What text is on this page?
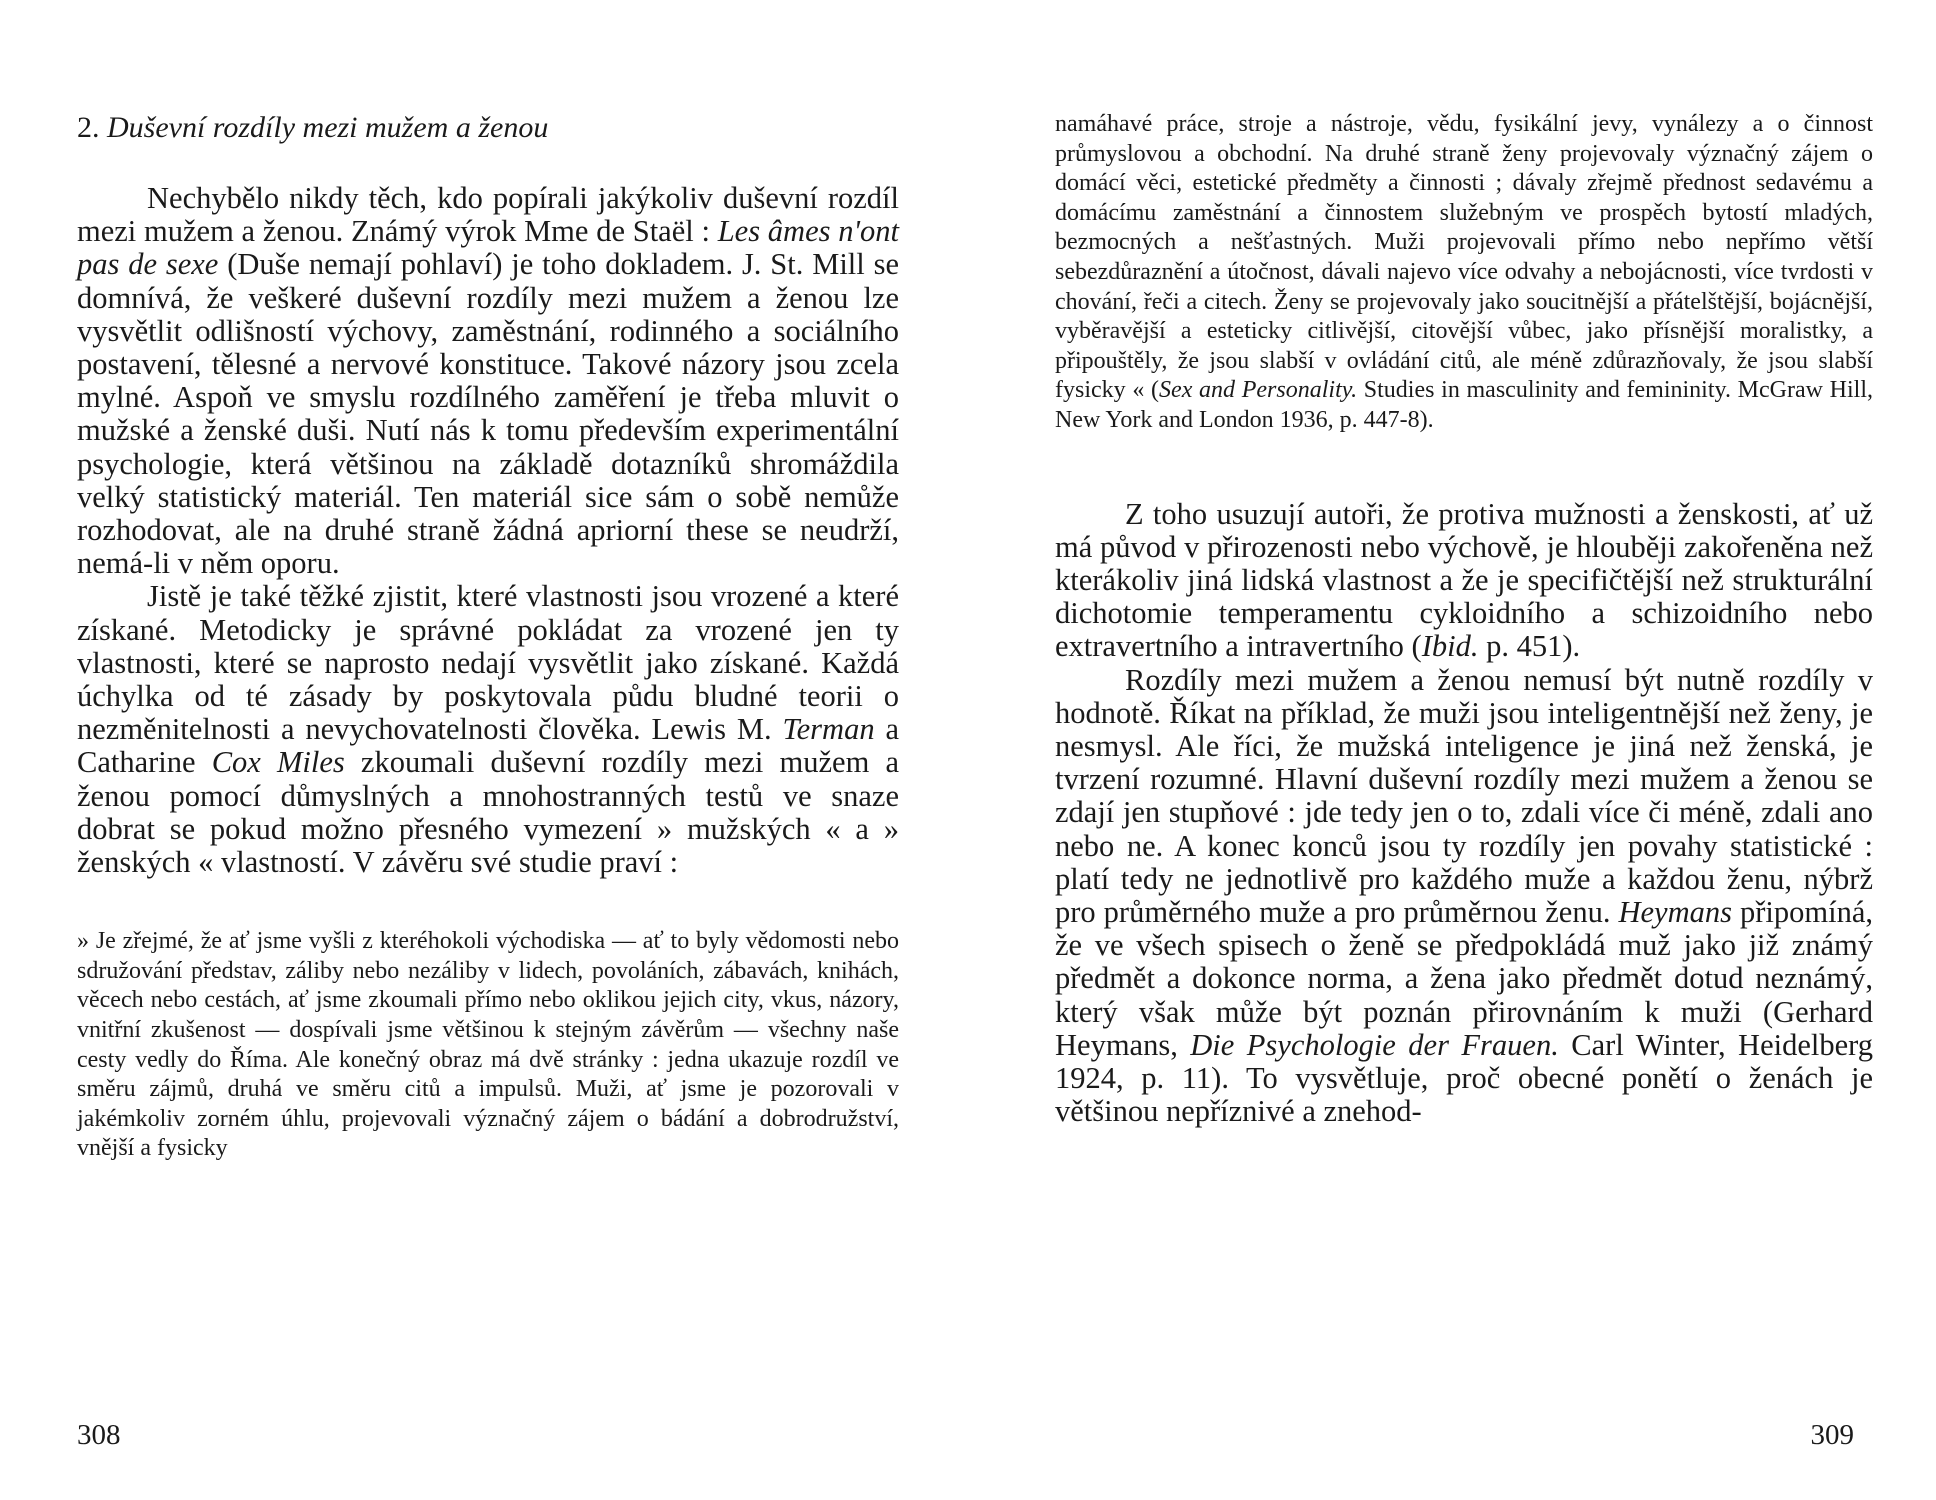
2. Duševní rozdíly mezi mužem a ženou

Nechybělo nikdy těch, kdo popírali jakýkoliv duševní rozdíl mezi mužem a ženou. Známý výrok Mme de Staël : Les âmes n'ont pas de sexe (Duše nemají pohlaví) je toho dokladem. J. St. Mill se domnívá, že veškeré duševní rozdíly mezi mužem a ženou lze vysvětlit odlišností výchovy, zaměstnání, rodinného a sociálního postavení, tělesné a nervové konstituce. Takové názory jsou zcela mylné. Aspoň ve smyslu rozdílného zaměření je třeba mluvit o mužské a ženské duši. Nutí nás k tomu především experimentální psychologie, která většinou na základě dotazníků shromáždila velký statistický materiál. Ten materiál sice sám o sobě nemůže rozhodovat, ale na druhé straně žádná apriorní these se neudrží, nemá-li v něm oporu.

Jistě je také těžké zjistit, které vlastnosti jsou vrozené a které získané. Metodicky je správné pokládat za vrozené jen ty vlastnosti, které se naprosto nedají vysvětlit jako získané. Každá úchylka od té zásady by poskytovala půdu bludné teorii o nezměnitelnosti a nevychovatelnosti člověka. Lewis M. Terman a Catharine Cox Miles zkoumali duševní rozdíly mezi mužem a ženou pomocí důmyslných a mnohostranných testů ve snaze dobrat se pokud možno přesného vymezení » mužských « a » ženských « vlastností. V závěru své studie praví :

» Je zřejmé, že ať jsme vyšli z kteréhokoli východiska — ať to byly vědomosti nebo sdružování představ, záliby nebo nezáliby v lidech, povoláních, zábavách, knihách, věcech nebo cestách, ať jsme zkoumali přímo nebo oklikou jejich city, vkus, názory, vnitřní zkušenost — dospívali jsme většinou k stejným závěrům — všechny naše cesty vedly do Říma. Ale konečný obraz má dvě stránky : jedna ukazuje rozdíl ve směru zájmů, druhá ve směru citů a impulsů. Muži, ať jsme je pozorovali v jakémkoliv zorném úhlu, projevovali význačný zájem o bádání a dobrodružství, vnější a fysicky

308

namáhavé práce, stroje a nástroje, vědu, fysikální jevy, vynálezy a o činnost průmyslovou a obchodní. Na druhé straně ženy projevovaly význačný zájem o domácí věci, estetické předměty a činnosti ; dávaly zřejmě přednost sedavému a domácímu zaměstnání a činnostem služebným ve prospěch bytostí mladých, bezmocných a nešťastných. Muži projevovali přímo nebo nepřímo větší sebezdůraznění a útočnost, dávali najevo více odvahy a nebojácnosti, více tvrdosti v chování, řeči a citech. Ženy se projevovaly jako soucitnější a přátelštější, bojácnější, vyběravější a esteticky citlivější, citovější vůbec, jako přísnější moralistky, a připouštěly, že jsou slabší v ovládání citů, ale méně zdůrazňovaly, že jsou slabší fysicky « (Sex and Personality. Studies in masculinity and femininity. McGraw Hill, New York and London 1936, p. 447-8).

Z toho usuzují autoři, že protiva mužnosti a ženskosti, ať už má původ v přirozenosti nebo výchově, je hlouběji zakořeněna než kterákoliv jiná lidská vlastnost a že je specifičtější než strukturální dichotomie temperamentu cykloidního a schizoidního nebo extravertního a intravertního (Ibid. p. 451).

Rozdíly mezi mužem a ženou nemusí být nutně rozdíly v hodnotě. Říkat na příklad, že muži jsou inteligentnější než ženy, je nesmysl. Ale říci, že mužská inteligence je jiná než ženská, je tvrzení rozumné. Hlavní duševní rozdíly mezi mužem a ženou se zdají jen stupňové : jde tedy jen o to, zdali více či méně, zdali ano nebo ne. A konec konců jsou ty rozdíly jen povahy statistické : platí tedy ne jednotlivě pro každého muže a každou ženu, nýbrž pro průměrného muže a pro průměrnou ženu. Heymans připomíná, že ve všech spisech o ženě se předpokládá muž jako již známý předmět a dokonce norma, a žena jako předmět dotud neznámý, který však může být poznán přirovnáním k muži (Gerhard Heymans, Die Psychologie der Frauen. Carl Winter, Heidelberg 1924, p. 11). To vysvětluje, proč obecné ponětí o ženách je většinou nepříznivé a znehod-

309
